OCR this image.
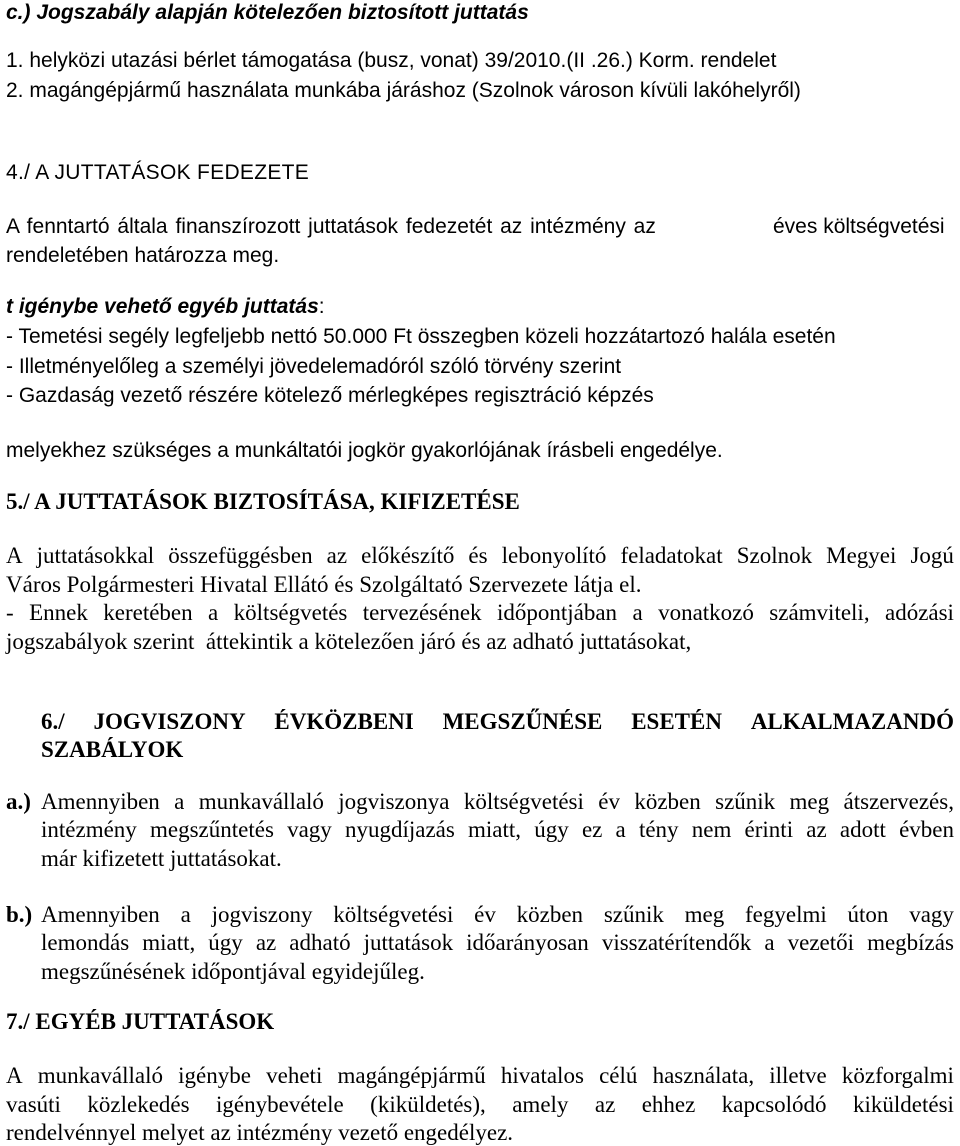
c.) Jogszabály alapján kötelezően biztosított juttatás
1. helyközi utazási bérlet támogatása (busz, vonat) 39/2010.(II .26.) Korm. rendelet
2. magángépjármű használata munkába járáshoz (Szolnok városon kívüli lakóhelyről)
4./ A JUTTATÁSOK FEDEZETE
A fenntartó általa finanszírozott juttatások fedezetét az intézmény az	éves költségvetési
rendeletében határozza meg.
t igénybe vehető egyéb juttatás:
- Temetési segély legfeljebb nettó 50.000 Ft összegben közeli hozzátartozó halála esetén
- Illetményelőleg a személyi jövedelemadóról szóló törvény szerint
- Gazdaság vezető részére kötelező mérlegképes regisztráció képzés
melyekhez szükséges a munkáltatói jogkör gyakorlójának írásbeli engedélye.
5./ A JUTTATÁSOK BIZTOSÍTÁSA, KIFIZETÉSE
A juttatásokkal összefüggésben az előkészítő és lebonyolító feladatokat Szolnok Megyei Jogú
Város Polgármesteri Hivatal Ellátó és Szolgáltató Szervezete látja el.
- Ennek keretében a költségvetés tervezésének időpontjában a vonatkozó számviteli, adózási
jogszabályok szerint  áttekintik a kötelezően járó és az adható juttatásokat,
6./ JOGVISZONY ÉVKÖZBENI MEGSZŰNÉSE ESETÉN ALKALMAZANDÓ
SZABÁLYOK
a.) Amennyiben a munkavállaló jogviszonya költségvetési év közben szűnik meg átszervezés,
intézmény megszűntetés vagy nyugdíjazás miatt, úgy ez a tény nem érinti az adott évben
már kifizetett juttatásokat.
b.) Amennyiben a jogviszony költségvetési év közben szűnik meg fegyelmi úton vagy
lemondás miatt, úgy az adható juttatások időarányosan visszatérítendők a vezetői megbízás
megszűnésének időpontjával egyidejűleg.
7./ EGYÉB JUTTATÁSOK
A munkavállaló igénybe veheti magángépjármű hivatalos célú használata, illetve közforgalmi
vasúti közlekedés igénybevétele (kiküldetés), amely az ehhez kapcsolódó kiküldetési
rendelvénnyel melyet az intézmény vezető engedélyez.
